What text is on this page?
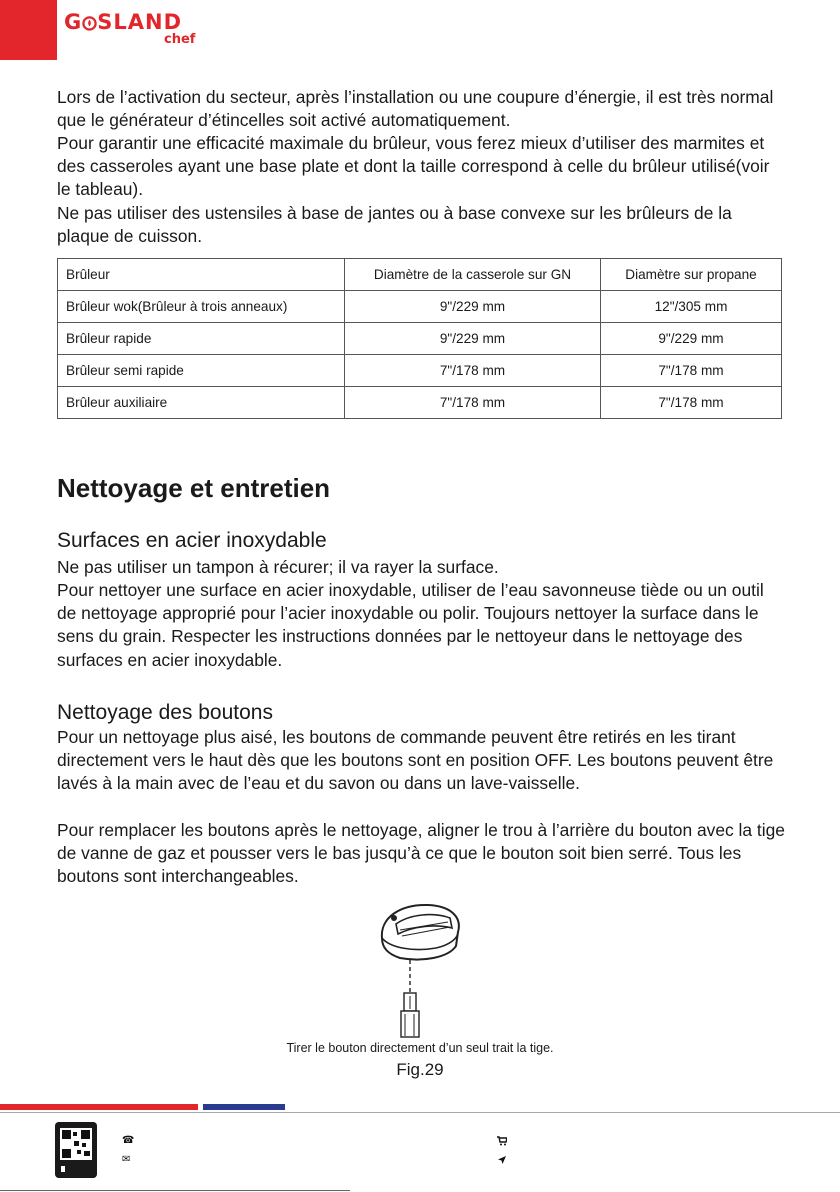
G SLAND
chef

Lors de l’activation du secteur, après l’installation ou une coupure d’énergie, il est très normal que le générateur d’étincelles soit activé automatiquement.

Pour garantir une efficacité maximale du brûleur, vous ferez mieux d’utiliser des marmites et des casseroles ayant une base plate et dont la taille correspond à celle du brûleur utilisé(voir le tableau).

Ne pas utiliser des ustensiles à base de jantes ou à base convexe sur les brûleurs de la plaque de cuisson.

Brûleur	Diamètre de la casserole sur GN	Diamètre sur propane
Brûleur wok(Brûleur à trois anneaux)	9"/229 mm	12"/305 mm
Brûleur rapide	9"/229 mm	9"/229 mm
Brûleur semi rapide	7"/178 mm	7"/178 mm
Brûleur auxiliaire	7"/178 mm	7"/178 mm
Nettoyage et entretien
Surfaces en acier inoxydable

Ne pas utiliser un tampon à récurer; il va rayer la surface.

Pour nettoyer une surface en acier inoxydable, utiliser de l’eau savonneuse tiède ou un outil de nettoyage approprié pour l’acier inoxydable ou polir. Toujours nettoyer la surface dans le sens du grain. Respecter les instructions données par le nettoyeur dans le nettoyage des surfaces en acier inoxydable.

Nettoyage des boutons

Pour un nettoyage plus aisé, les boutons de commande peuvent être retirés en les tirant directement vers le haut dès que les boutons sont en position OFF. Les boutons peuvent être lavés à la main avec de l’eau et du savon ou dans un lave-vaisselle.

Pour remplacer les boutons après le nettoyage, aligner le trou à l’arrière du bouton avec la tige de vanne de gaz et pousser vers le bas jusqu’à ce que le bouton soit bien serré. Tous les boutons sont interchangeables.

Tirer le bouton directement d’un seul trait la tige.
Fig.29
☎
✉
